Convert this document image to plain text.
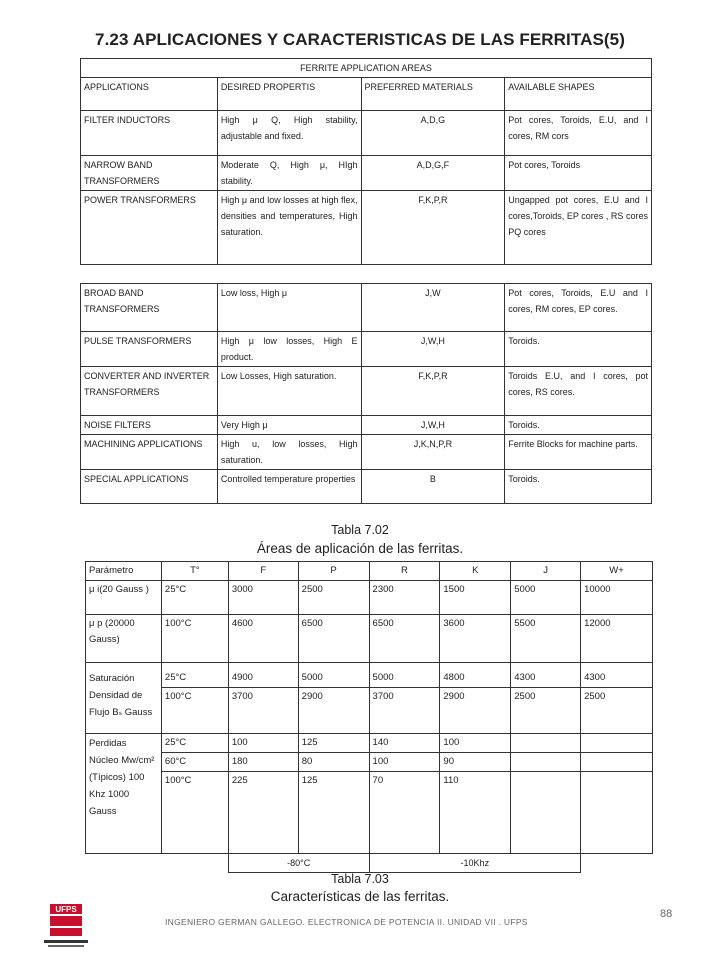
7.23 APLICACIONES Y CARACTERISTICAS DE LAS FERRITAS(5)
FERRITE APPLICATION AREAS			
APPLICATIONS	DESIRED PROPERTIS	PREFERRED MATERIALS	AVAILABLE SHAPES
FILTER INDUCTORS	High μ Q, High stability, adjustable and fixed.	A,D,G	Pot cores, Toroids, E.U, and I cores, RM cors
NARROW BAND TRANSFORMERS	Moderate Q, High μ, HIgh stability.	A,D,G,F	Pot cores, Toroids
POWER TRANSFORMERS	High μ and low losses at high flex, densities and temperatures, High saturation.	F,K,P,R	Ungapped pot cores, E.U and I cores,Toroids, EP cores , RS cores PQ cores
BROAD BAND TRANSFORMERS	Low loss, High μ	J,W	Pot cores, Toroids, E.U and I cores, RM cores, EP cores.
PULSE TRANSFORMERS	High μ low losses, High E product.	J,W,H	Toroids.
CONVERTER AND INVERTER TRANSFORMERS	Low Losses, High saturation.	F,K,P,R	Toroids E.U, and I cores, pot cores, RS cores.
NOISE FILTERS	Very High μ	J,W,H	Toroids.
MACHINING APPLICATIONS	High u, low losses, High saturation.	J,K,N,P,R	Ferrite Blocks for machine parts.
SPECIAL APPLICATIONS	Controlled temperature properties	B	Toroids.
Tabla 7.02
Áreas de aplicación de las ferritas.
Parámetro	T°	F	P	R	K	J	W+
μ i(20 Gauss )	25°C	3000	2500	2300	1500	5000	10000
μ p (20000 Gauss)	100°C	4600	6500	6500	3600	5500	12000
Saturación Densidad de Flujo Bₛ Gauss	25°C	4900	5000	5000	4800	4300	4300
	100°C	3700	2900	3700	2900	2500	2500
Perdidas Núcleo Mw/cm² (Típicos) 100 Khz 1000 Gauss	25°C	100	125	140	100		
	60°C	180	80	100	90		
	100°C	225	125	70	110		
		-80°C		-10Khz			
Tabla 7.03
Características de las ferritas.
UFPS
INGENIERO GERMAN GALLEGO. ELECTRONICA DE POTENCIA II. UNIDAD VII . UFPS
88
